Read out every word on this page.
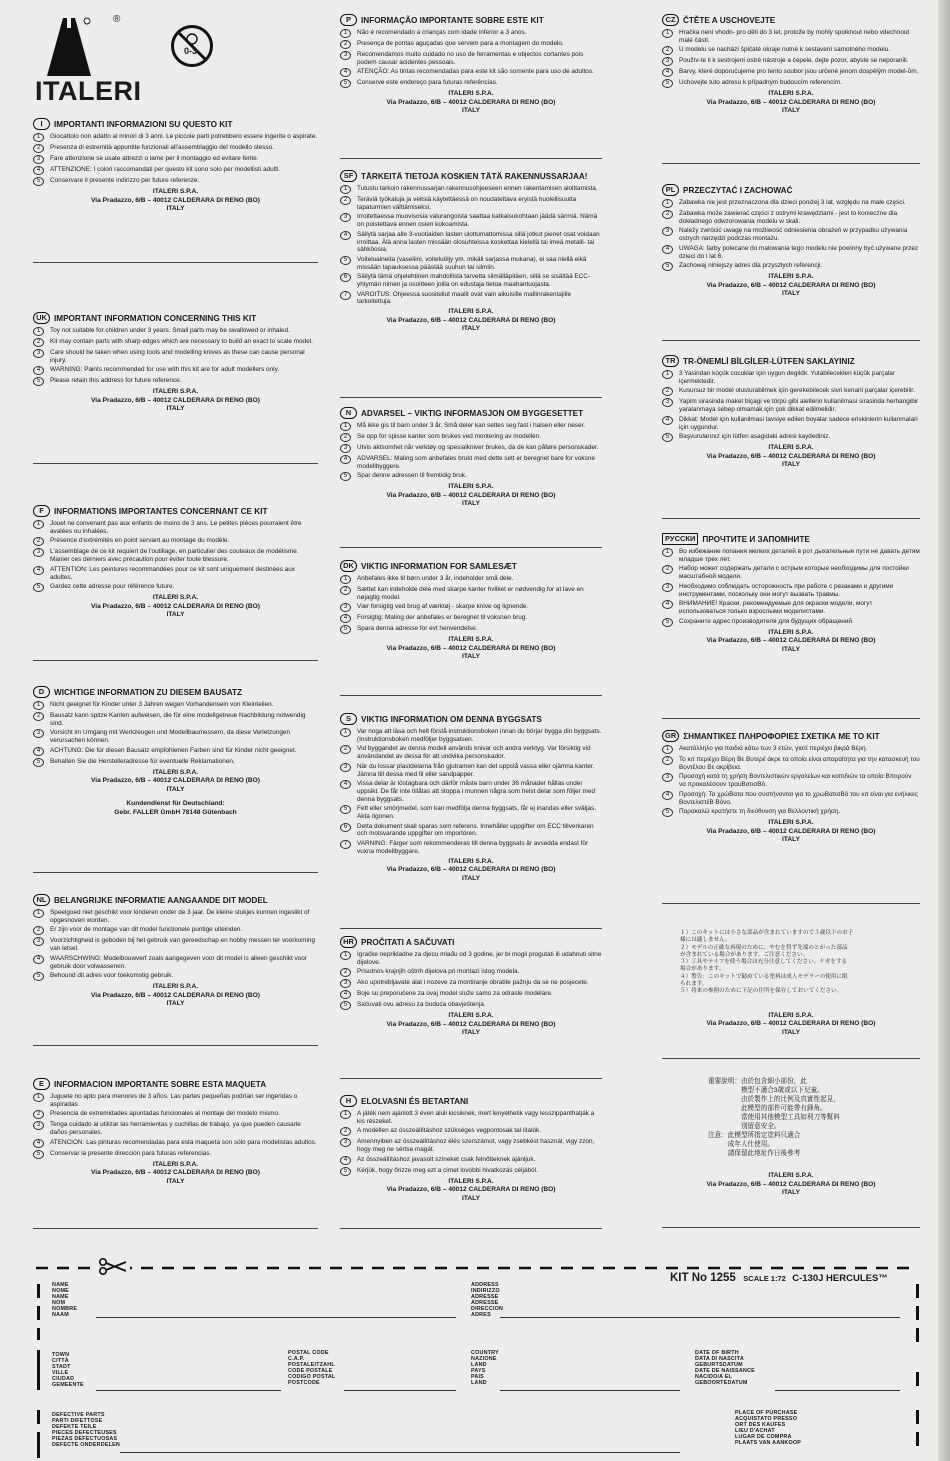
ITALERI
®
0-3
I	IMPORTANTI INFORMAZIONI SU QUESTO KIT
1	Giocattolo non adatto ai minori di 3 anni. Le piccole parti potrebbero essere ingerite o aspirate.
2	Presenza di estremità appuntite funzionali all'assemblaggio del modello stesso.
3	Fare attenzione se usate attrezzi o lame per il montaggio ed evitare ferite.
4	ATTENZIONE: I colori raccomandati per questo kit sono solo per modellisti adulti.
5	Conservare il presente indirizzo per future referenze.
ITALERI S.P.A.
Via Pradazzo, 6/B – 40012 CALDERARA DI RENO (BO)
ITALY
UK IMPORTANT INFORMATION CONCERNING THIS KIT
1	Toy not suitable for children under 3 years. Small parts may be swallowed or inhaled.
2	Kit may contain parts with sharp edges which are necessary to build an exact to scale model.
3	Care should be taken when using tools and modelling knives as these can cause personal injury.
4	WARNING: Paints recommended for use with this kit are for adult modellers only.
5	Please retain this address for future reference.
ITALERI S.P.A.
Via Pradazzo, 6/B – 40012 CALDERARA DI RENO (BO)
ITALY
F	INFORMATIONS IMPORTANTES CONCERNANT CE KIT
1	Jouet ne convenant pas aux enfants de moins de 3 ans. Le petites pièces pourraient être avalées ou inhalées.
2	Présence d'extrémités en point servant au montage du modèle.
3	L'assemblage de ce kit requiert de l'outillage, en particulier des couteaux de modélisme. Manier ces derniers avec précaution pour éviter toute blessure.
4	ATTENTION: Les peintures recommandées pour ce kit sont uniquement destinées aux adultes.
5	Gardez cette adresse pour référence future.
ITALERI S.P.A.
Via Pradazzo, 6/B – 40012 CALDERARA DI RENO (BO)
ITALY
D	WICHTIGE INFORMATION ZU DIESEM BAUSATZ
1	Nicht geeignet für Kinder unter 3 Jahren wegen Vorhandensein von Kleinteilen.
2	Bausatz kann spitze Kanten aufweisen, die für eine modellgetreue Nachbildung notwendig sind.
3	Vorsicht im Umgang mit Werkzeugen und Modellbaumessern, da diese Verletzungen verursachen können.
4	ACHTUNG: Die für diesen Bausatz empfohlenen Farben sind für Kinder nicht geeignet.
5	Behalten Sie die Herstelleradresse für eventuelle Reklamationen.
ITALERI S.P.A.
Via Pradazzo, 6/B – 40012 CALDERARA DI RENO (BO)
ITALY
Kundendienst für Deutschland:
Gebr. FALLER GmbH 78148 Gütenbach
NL BELANGRIJKE INFORMATIE AANGAANDE DIT MODEL
1	Speelgoed niet geschikt voor kinderen onder de 3 jaar. De kleine stukjes kunnen ingeslikt of opgesnoven worden.
2	Er zijn voor de montage van dit model functionele puntige uiteinden.
3	Voorzichtigheid is geboden bij het gebruik van gereedschap en hobby messen ter voorkoming van letsel.
4	WAARSCHWING: Modelbouwverf zoals aangegeven voor dit model is alleen geschikt voor gebruik door volwassenen.
5	Behound dit adres voor toekomstig gebruik.
ITALERI S.P.A.
Via Pradazzo, 6/B – 40012 CALDERARA DI RENO (BO)
ITALY
E	INFORMACION IMPORTANTE SOBRE ESTA MAQUETA
1	Juguete no apto para menores de 3 años. Las partes pequeñas podrían ser ingeridas o aspiradas.
2	Presencia de extremidades apuntadas funcionales al montaje del modelo mismo.
3	Tenga cuidado al utilizar las herramientas y cuchillas de trabajo, ya que pueden causarle daños personales.
4	ATENCION: Las pinturas recomendadas para esta maqueta son sólo para modelistas adultos.
5	Conservar la presente dirección para futuras referencias.
ITALERI S.P.A.
Via Pradazzo, 6/B – 40012 CALDERARA DI RENO (BO)
ITALY
P	INFORMAÇÃO IMPORTANTE SOBRE ESTE KIT
1	Não é recomendado a crianças com idade inferior a 3 anos.
2	Presença de pontas aguçadas que servem para a montagem do modelo.
3	Recomendamos muito cuidado no uso de ferramentas e objectos cortantes pois podem causar acidentes pessoais.
4	ATENÇÃO: As tintas recomendadas para este kit são somente para uso de adultos.
5	Conserve este endereço para futuras referências.
ITALERI S.P.A.
Via Pradazzo, 6/B – 40012 CALDERARA DI RENO (BO)
ITALY
SF TÄRKEITÄ TIETOJA KOSKIEN TÄTÄ RAKENNUSSARJAA!
1	Tutustu tarkoin rakennussarjan rakennusohjeeseen ennen rakentamisen aloittamista.
2	Teräviä työkaluja ja veitsiä käytettäessä on noudatettava eryistä huolellisuutta tapaturmien välttämiseksi.
3	Irroitettaessa muovisosia valurangoista saattaa katkaisukohtaan jäädä särmiä. Nämä on poistettava ennen osien kokoamista.
4	Säilytä sarjaa alle 3-vuotiaiden lasten ulottumattomissa sillä jotkut pienet osat voidaan irroittaa. Älä anna lasten missään olosuhteissa koskettaa kielellä tai imeä metalli- tai sähköosia.
5	Voiteluaineita (vaseliini, voiteluöljy ym. mikäli sarjassa mukana), ei saa niellä eikä missään tapauksessa päästää suuhun tai silmiin.
6	Säilytä tämä ohjelehtinen mahdollista tarvetta silmälläpitäen, sillä se sisältää ECC-yhtymän nimen ja osoitteen joilla on edustaja tietoa maahantuojasta.
7	VAROITUS: Ohjeessa suositellut maalit ovat vain aikuisille mallinrakentajille tarkoitettuja.
ITALERI S.P.A.
Via Pradazzo, 6/B – 40012 CALDERARA DI RENO (BO)
ITALY
N	ADVARSEL – VIKTIG INFORMASJON OM BYGGESETTET
1	Må ikke gis til barn under 3 år. Små deler kan settes seg fast i halsen eller neser.
2	Se opp for spisse kanter som brukes ved montering av modellen.
3	Utvis aktsomhet når verktøy og spesialkniver brukes, da de kan påføre personskader.
4	ADVARSEL: Maling som anbefales brukt med dette sett er beregnet bare for voksne modellbyggere.
5	Spar denne adressen til fremtidig bruk.
ITALERI S.P.A.
Via Pradazzo, 6/B – 40012 CALDERARA DI RENO (BO)
ITALY
DK VIKTIG INFORMATION FOR SAMLESÆT
1	Anbefales ikke til børn under 3 år, indeholder små dele.
2	Sættet kan indeholde dele med skarpe kanter hvilket er nødvendig for at lave en nøjagtig model.
3	Vær forsigtig ved brug af værktøj - skarpe knive og lignende.
4	Forsigtig: Maling der anbefales er beregnet til voksnen brug.
5	Spara denna adresse for evt henvendelse.
ITALERI S.P.A.
Via Pradazzo, 6/B – 40012 CALDERARA DI RENO (BO)
ITALY
S	VIKTIG INFORMATION OM DENNA BYGGSATS
1	Var noga att läsa och helt förstå instruktionsboken innan du börjar bygga din byggsats. (Instruktionsboken medföljer byggsatsen.
2	Vid byggandet av denna modell används knivar och andra verktyg. Var försiktig vid användandet av dessa för att undvika personskador.
3	När du lossar plastdelarna från gjutramen kan det uppstå vassa eller ojämna kanter. Jämna till dessa med fil eller sandpapper.
4	Vissa delar är löstagbara och därför måste barn under 36 månader hållas under uppsikt. De får inte tillåtas att stoppa i munnen några som helst delar som följer med denna byggsats.
5	Fett eller smörjmedel, som kan medfölja denna byggsats, får ej inandas eller sväljas. Akta ögonen.
6	Detta dokument skall sparas som referens. Innehåller uppgifter om ECC tillverkaren och motsvarande uppgifter om importören.
7	VARNING: Färger som rekommenderas till denna byggsats är avsedda endast för vuxna modellbyggare.
ITALERI S.P.A.
Via Pradazzo, 6/B – 40012 CALDERARA DI RENO (BO)
ITALY
HR PROČITATI A SAČUVATI
1	Igračke neprikladne za djecu mlađu od 3 godine, jer bi mogli progutati ili udahnuti sitne dijelove.
2	Prisutnos krajnjih oštrih dijelova pri montazi istog modela.
3	Ako upotrebljavate alat i nozeve za montiranje obratite pažnju da se ne posjecete.
4	Boje su preporučene za ovaj model služe samo za odrasle modelare.
5	Sačuvati ovu adresu za buduća obavještenja.
ITALERI S.P.A.
Via Pradazzo, 6/B – 40012 CALDERARA DI RENO (BO)
ITALY
H	ELOLVASNI ÉS BETARTANI
1	A játék nem ajánlott 3 éven aluli kicsiknek, mert lenyelhetik vagy lesszippanthatják a kis részeket.
2	A modellen az összeállításhoz szükséges vegpontosak tal litalók.
3	Amennyiben az összeállításhoz élés szerszámot, vagy zsebkést használ, vigy zzon, hogy meg ne sértse magát.
4	Az összeállításhoz javasolt színeket csak felnőtteknek ajánljuk.
5	Kérjük, hogy őrizze meg ezt a címet lovóbbi hivatkozás céljából.
ITALERI S.P.A.
Via Pradazzo, 6/B – 40012 CALDERARA DI RENO (BO)
ITALY
CZ ČTĚTE A USCHOVEJTE
1	Hračka není vhodn- pro děti do 3 let, protože by mohly spolknout nebo vdechnout malé části.
2	U modelu se nachází špičaté okraje nutné k sestavení samotného modelu.
3	Použív-te li k sestrojení ostré nástroje a čepele, dejte pozor, abyste se neporanili.
4	Barvy, které doporučujeme pro tento soubor jsou určené jenom dospělým model-ům.
5	Uchovejte tuto adresu k případným budoucím referencím.
ITALERI S.P.A.
Via Pradazzo, 6/B – 40012 CALDERARA DI RENO (BO)
ITALY
PL PRZECZYTAĆ I ZACHOWAĆ
1	Zabawka nie jest przeznaczona dla dzieci poniżej 3 lat, względu na małe części.
2	Zabawka może zawierać części z ostrymi krawędziami - jest to konieczne dla dokładnego odwzorowania modelu w skali.
3	Należy zwrócić uwagę na możliwość odniesienia obrażeń w przypadku używania ostrych narzędzi podczas montażu.
4	UWAGA: farby polecane do malowania tego modelu nie powinny być używane przez dzieci do l lat 6.
5	Zachowaj niniejszy adres dla przyszłych referencji.
ITALERI S.P.A.
Via Pradazzo, 6/B – 40012 CALDERARA DI RENO (BO)
ITALY
TR TR-ÖNEMLİ BİLGİLER-LÜTFEN SAKLAYINIZ
1	3 Yasindan küçük cocuklar için uygun degildir. Yutabilecekleri küçük parçalar içermektedir.
2	Kusursuz bir model olusturabilmek için gerekebilecek sivri kenarli parçalar içerebilir.
3	Yapim sirasinda maket biçagi ve törpü gibi aletlerin kullanilmasi sirasinda herhangibir yaralanmaya sebep olmamak için çok dikkat edilmelidir.
4	Dikkat: Model için kullanilmasi tavsiye edilen boyalar sadece eriskinlerin kullanmalari için uygundur.
5	Başvurularınız için lütfen asagidaki adresi kaydediniz.
ITALERI S.P.A.
Via Pradazzo, 6/B – 40012 CALDERARA DI RENO (BO)
ITALY
РУССКИ ПРОЧТИТЕ И ЗАПОМНИТЕ
1	Во избежание попания мелких деталей в рот дыхательные пути не давать детям младше трех лет.
2	Набор может содержать детали с острым которые необходимы для постойки масштабной модели.
3	Необходимо соблюдать осторожность при работе с резаками и другими инструментами, поскольку они могут вызвать травмы.
4	ВНИМАНИЕ! Краски, рекомендуемые для окраски модели, могут использоваться только взрослыми моделистами.
5	Сохраните адрес производителя для будущих обращений.
ITALERI S.P.A.
Via Pradazzo, 6/B – 40012 CALDERARA DI RENO (BO)
ITALY
GR ΣΗΜΑΝΤΙΚΕΣ ΠΛΗΡΟΦΟΡΙΕΣ ΣΧΕΤΙΚΑ ΜΕ ΤΟ ΚΙΤ
1	Ακατάλληλο για παιδιά κάτω των 3 ετών, γιατί περιέχει βικρά Βέρη.
2	Το κιτ περιέχει Βέρη Βε Βυτερέ άκρε τα οποία είναι απαραίτητα για την κατασκευή του Βοντέλου Βε ακρίβεια.
3	Προσοχή κατά τη χρήση Βοντελιστικών εργαλείων και κοπιδιών τα οποία Βπορούν να προκαλέσουν τραυΒατισΒό.
4	Προσοχή: Τα χρώΒατα που συστήνονται για το χρωΒατισΒό του κιτ είναι για ενήλικες ΒοντελιστέΒ Βόνο.
5	Παρακαλώ κρατήστε τη διεύθυνση για Βελλοντική χρήση.
ITALERI S.P.A.
Via Pradazzo, 6/B – 40012 CALDERARA DI RENO (BO)
ITALY
１）このキットには小さな部品が含まれていますので３歳以下のお子
様には適しません。
２）モデルの正確な再現のために、やむを得ず先端のとがった部品
が含まれている場合があります。ご注意ください。
３）工具やナイフを使う場合は充分注意してください。ケガをする
場合があります。
４）警告：このキットで勧めている塗料は成人モデラーの使用に限
られます。
５）将来の参照のために下記の住所を保存しておいてください。
ITALERI S.P.A.
Via Pradazzo, 6/B – 40012 CALDERARA DI RENO (BO)
ITALY
重要說明：由於包含細小部份，此
　　　　　模型不適合3歲或以下兒童。
　　　　　由於製作上的比例及真實性起見，
　　　　　此模型的部件可能帶有鋒角。
　　　　　當使用其他模型工具如利刀等幫料
　　　　　別留意安全。
注意：此模型所指定塗料只適合
　　　成年人仕使用。
　　　請保留此地址作日後參考
ITALERI S.P.A.
Via Pradazzo, 6/B – 40012 CALDERARA DI RENO (BO)
ITALY
KIT No 1255 SCALE 1:72 C-130J HERCULES™
NAME
NOME
NAME
NOM
NOMBRE
NAAM
ADDRESS
INDIRIZZO
ADRESSE
ADRESSE
DIRECCION
ADRES
TOWN
CITTÀ
STADT
VILLE
CIUDAD
GEMEENTE
POSTAL CODE
C.A.P.
POSTALEITZAHL
CODE POSTALE
CODIGO POSTAL
POSTCODE
COUNTRY
NAZIONE
LAND
PAYS
PAIS
LAND
DATE OF BIRTH
DATA DI NASCITA
GEBURTSDATUM
DATE DE NAISSANCE
NACIDO/A EL
GEBOORTEDATUM
DEFECTIVE PARTS
PARTI DIFETTOSE
DEFEKTE TEILE
PIECES DEFECTEUSES
PIEZAS DEFECTUOSAS
DEFECTE ONDERDELEN
PLACE OF PURCHASE
ACQUISTATO PRESSO
ORT DES KAUFES
LIEU D'ACHAT
LUGAR DE COMPRA
PLAATS VAN AANKOOP
